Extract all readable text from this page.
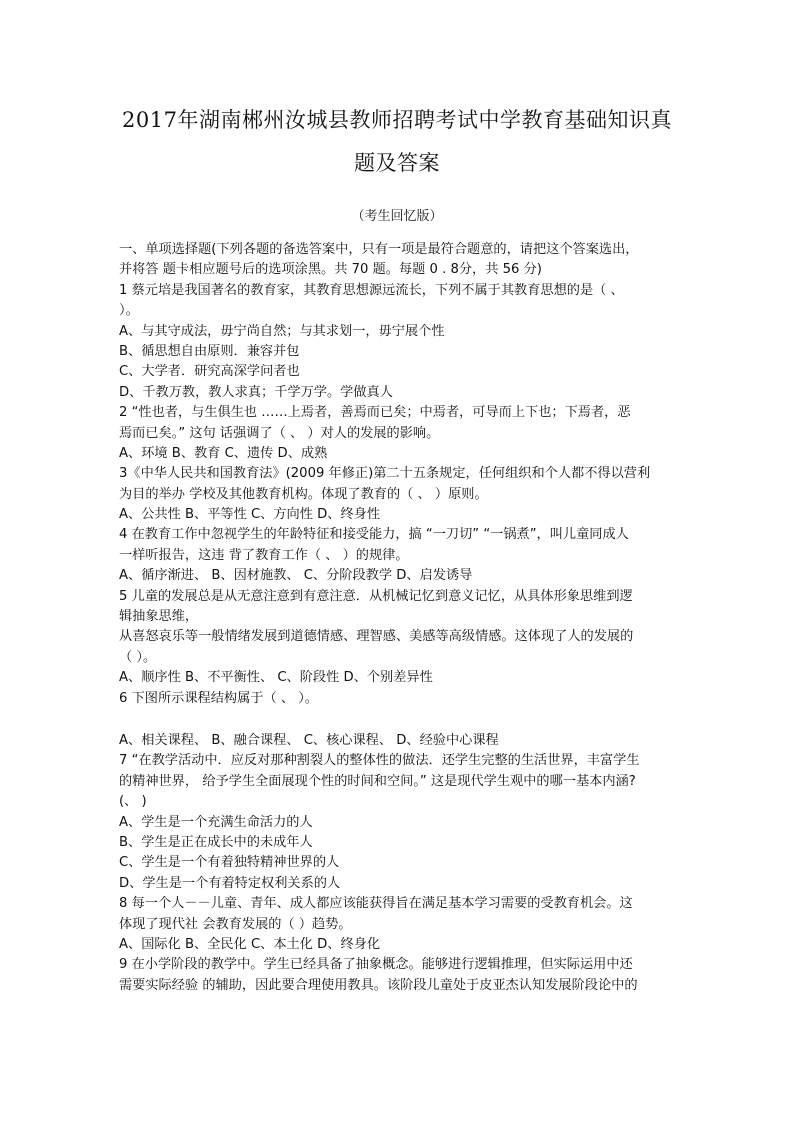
2017年湖南郴州汝城县教师招聘考试中学教育基础知识真
题及答案
（考生回忆版）
一、单项选择题(下列各题的备选答案中，只有一项是最符合题意的，请把这个答案选出，
并将答 题卡相应题号后的选项涂黑。共 70 题。每题 0 . 8分，共 56 分)
1 蔡元培是我国著名的教育家，其教育思想源远流长，下列不属于其教育思想的是（ 、
）。
A、与其守成法，毋宁尚自然；与其求划一，毋宁展个性
B、循思想自由原则．兼容并包
C、大学者．研究高深学问者也
D、千教万教，教人求真；千学万学。学做真人
2 “性也者，与生俱生也 ……上焉者，善焉而已矣；中焉者，可导而上下也；下焉者，恶
焉而已矣。” 这句 话强调了（ 、 ）对人的发展的影响。
A、环境 B、教育 C、遗传 D、成熟
3《中华人民共和国教育法》(2009 年修正)第二十五条规定，任何组织和个人都不得以营利
为目的举办 学校及其他教育机构。体现了教育的（ 、 ）原则。
A、公共性 B、平等性 C、方向性 D、终身性
4 在教育工作中忽视学生的年龄特征和接受能力，搞 “一刀切” “一锅煮”，叫儿童同成人
一样听报告，这违 背了教育工作（ 、 ）的规律。
A、循序渐进、 B、因材施教、 C、分阶段教学 D、启发诱导
5 儿童的发展总是从无意注意到有意注意．从机械记忆到意义记忆，从具体形象思维到逻
辑抽象思维，
从喜怒哀乐等一般情绪发展到道德情感、理智感、美感等高级情感。这体现了人的发展的
（ ）。
A、顺序性 B、不平衡性、 C、阶段性 D、个别差异性
6 下图所示课程结构属于（ 、 ）。
A、相关课程、 B、融合课程、 C、核心课程、 D、经验中心课程
7 “在教学活动中．应反对那种割裂人的整体性的做法．还学生完整的生活世界，丰富学生
的精神世界， 给予学生全面展现个性的时间和空间。” 这是现代学生观中的哪一基本内涵?
(、 )
A、学生是一个充满生命活力的人
B、学生是正在成长中的未成年人
C、学生是一个有着独特精神世界的人
D、学生是一个有着特定权利关系的人
8 每一个人－－儿童、青年、成人都应该能获得旨在满足基本学习需要的受教育机会。这
体现了现代社 会教育发展的（ ）趋势。
A、国际化 B、全民化 C、本土化 D、终身化
9 在小学阶段的教学中。学生已经具备了抽象概念。能够进行逻辑推理，但实际运用中还
需要实际经验 的辅助，因此要合理使用教具。该阶段儿童处于皮亚杰认知发展阶段论中的
